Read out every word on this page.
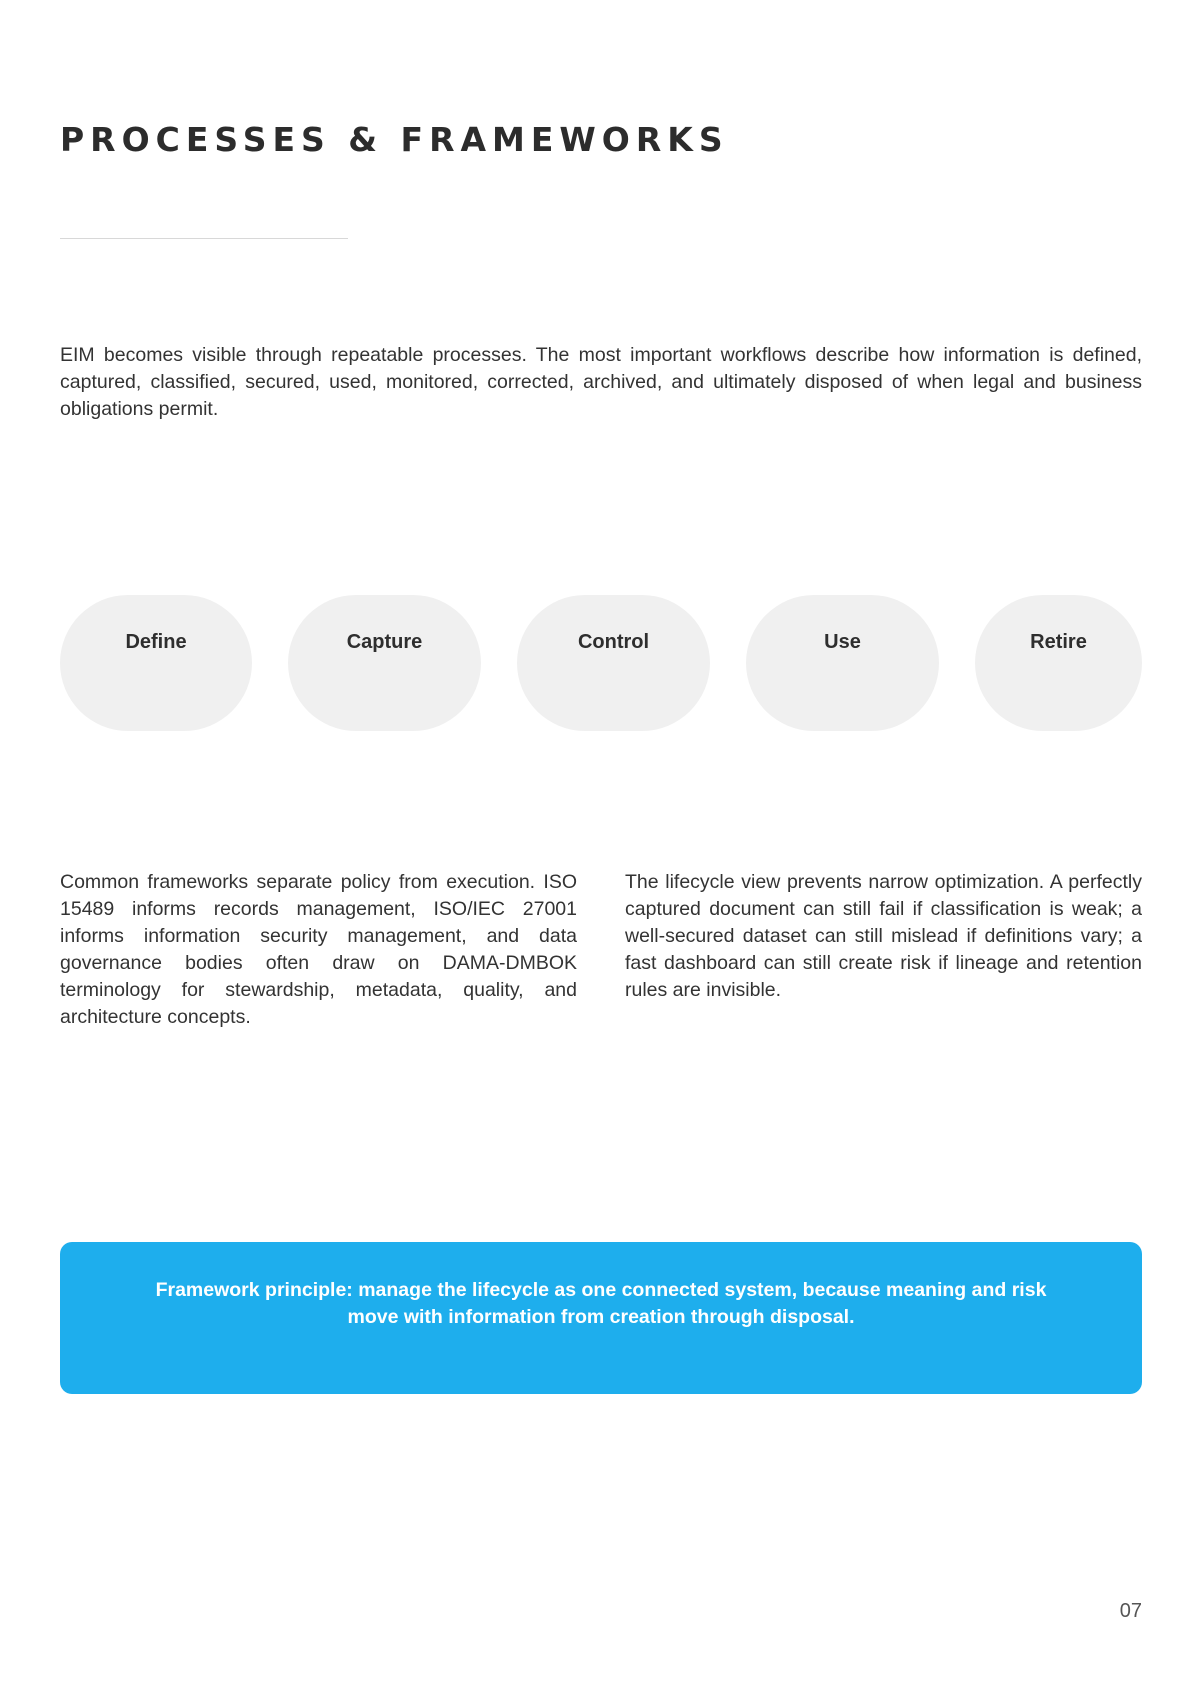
PROCESSES & FRAMEWORKS

EIM becomes visible through repeatable processes. The most important workflows describe how information is defined, captured, classified, secured, used, monitored, corrected, archived, and ultimately disposed of when legal and business obligations permit.

Define	Capture	Control	Use	Retire

Common frameworks separate policy from execution. ISO 15489 informs records management, ISO/IEC 27001 informs information security management, and data governance bodies often draw on DAMA-DMBOK terminology for stewardship, metadata, quality, and architecture concepts.

The lifecycle view prevents narrow optimization. A perfectly captured document can still fail if classification is weak; a well-secured dataset can still mislead if definitions vary; a fast dashboard can still create risk if lineage and retention rules are invisible.

Framework principle: manage the lifecycle as one connected system, because meaning and risk move with information from creation through disposal.

07
